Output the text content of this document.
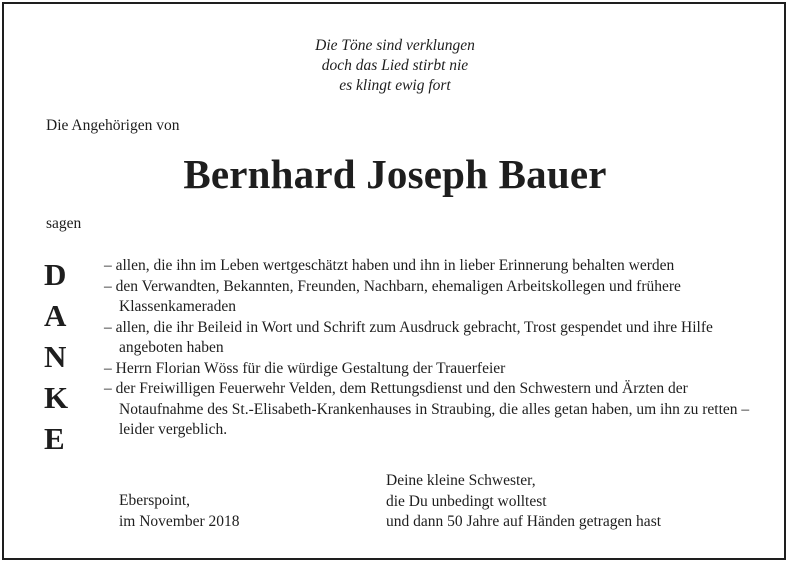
Die Töne sind verklungen
doch das Lied stirbt nie
es klingt ewig fort
Die Angehörigen von
Bernhard Joseph Bauer
sagen
D
A
N
K
E
– allen, die ihn im Leben wertgeschätzt haben und ihn in lieber Erinnerung behalten werden
– den Verwandten, Bekannten, Freunden, Nachbarn, ehemaligen Arbeitskollegen und frühere Klassenkameraden
– allen, die ihr Beileid in Wort und Schrift zum Ausdruck gebracht, Trost gespendet und ihre Hilfe angeboten haben
– Herrn Florian Wöss für die würdige Gestaltung der Trauerfeier
– der Freiwilligen Feuerwehr Velden, dem Rettungsdienst und den Schwestern und Ärzten der Notaufnahme des St.-Elisabeth-Krankenhauses in Straubing, die alles getan haben, um ihn zu retten – leider vergeblich.
Eberspoint,
im November 2018
Deine kleine Schwester,
die Du unbedingt wolltest
und dann 50 Jahre auf Händen getragen hast
